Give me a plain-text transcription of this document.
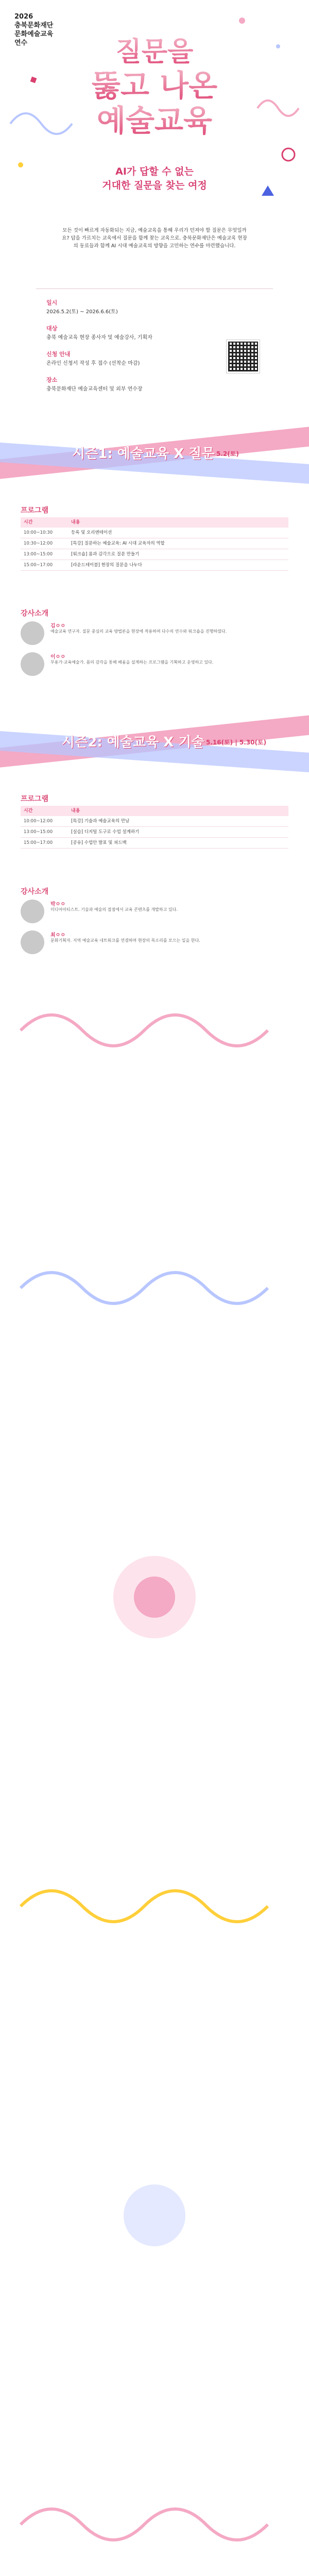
2026
충북문화재단
문화예술교육
연수	질문을
뚫고 나온
예술교육
AI가 답할 수 없는
거대한 질문을 찾는 여정
모든 것이 빠르게 자동화되는 지금, 예술교육을 통해 우리가 던져야 할 질문은 무엇일까요? 답을 가르치는 교육에서 질문을 함께 찾는 교육으로. 충북문화재단은 예술교육 현장의 동료들과 함께 AI 시대 예술교육의 방향을 고민하는 연수를 마련했습니다.
일시
2026.5.2(토) ~ 2026.6.6(토)
대상
충북 예술교육 현장 종사자 및 예술강사, 기획자
신청 안내
온라인 신청서 작성 후 접수 (선착순 마감)
장소
충북문화재단 예술교육센터 및 외부 연수장
시즌1: 예술교육 X 질문 5.2(토)
프로그램
시간	내용
10:00~10:30	등록 및 오리엔테이션
10:30~12:00	[특강] 질문하는 예술교육: AI 시대 교육자의 역할
13:00~15:00	[워크숍] 몸과 감각으로 질문 만들기
15:00~17:00	[라운드테이블] 현장의 질문을 나누다
강사소개
김ㅇㅇ
예술교육 연구자. 질문 중심의 교육 방법론을 현장에 적용하며 다수의 연수와 워크숍을 진행하였다.
이ㅇㅇ
무용가·교육예술가. 몸의 감각을 통해 배움을 설계하는 프로그램을 기획하고 운영하고 있다.
시즌2: 예술교육 X 기술 5.16(토) | 5.30(토)
프로그램
시간	내용
10:00~12:00	[특강] 기술과 예술교육의 만남
13:00~15:00	[실습] 디지털 도구로 수업 설계하기
15:00~17:00	[공유] 수업안 발표 및 피드백
강사소개
박ㅇㅇ
미디어아티스트. 기술과 예술의 접점에서 교육 콘텐츠를 개발하고 있다.
최ㅇㅇ
문화기획자. 지역 예술교육 네트워크를 연결하며 현장의 목소리를 모으는 일을 한다.
